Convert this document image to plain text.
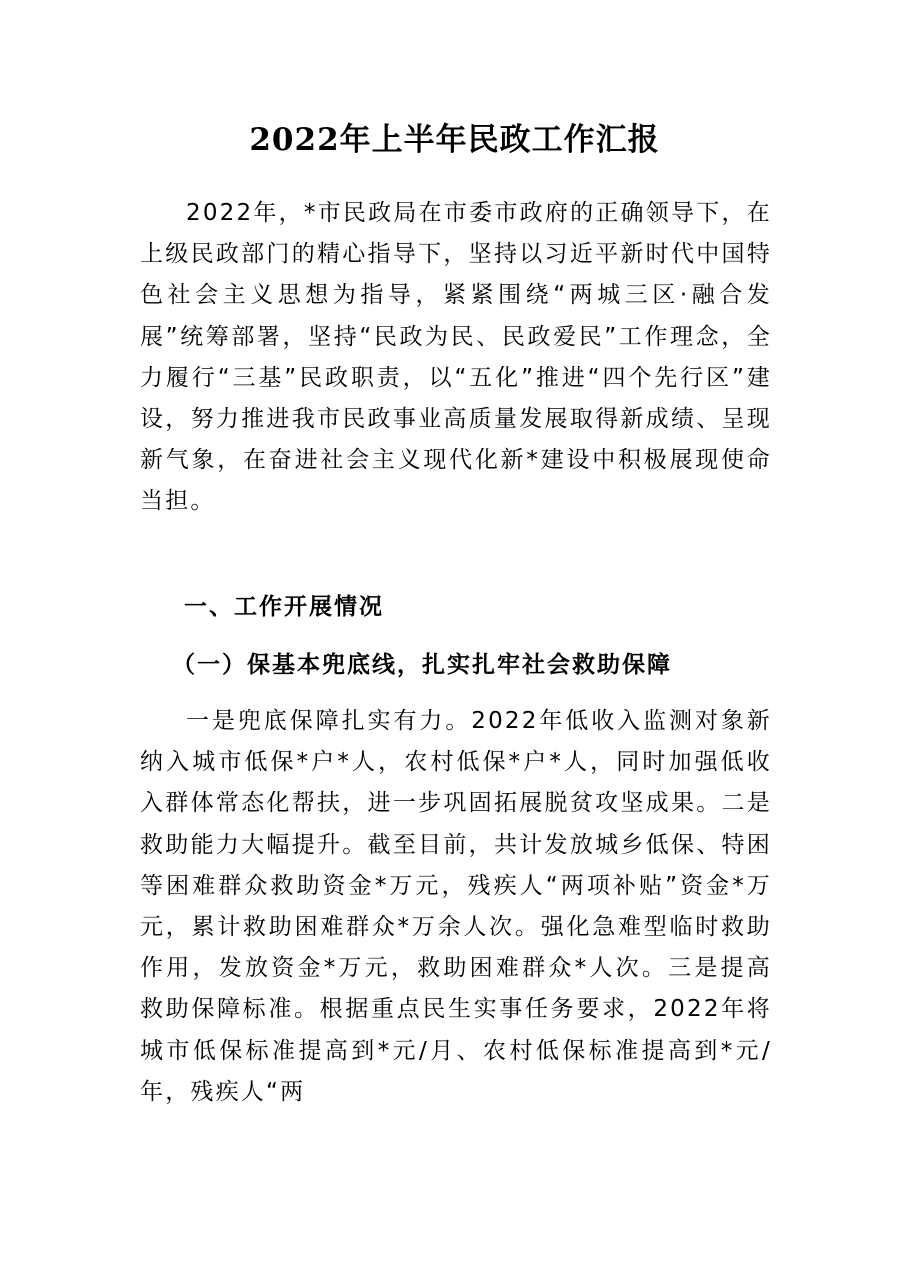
2022年上半年民政工作汇报

2022年，*市民政局在市委市政府的正确领导下，在上级民政部门的精心指导下，坚持以习近平新时代中国特色社会主义思想为指导，紧紧围绕“两城三区·融合发展”统筹部署，坚持“民政为民、民政爱民”工作理念，全力履行“三基”民政职责，以“五化”推进“四个先行区”建设，努力推进我市民政事业高质量发展取得新成绩、呈现新气象，在奋进社会主义现代化新*建设中积极展现使命当担。

一、工作开展情况
（一）保基本兜底线，扎实扎牢社会救助保障

一是兜底保障扎实有力。2022年低收入监测对象新纳入城市低保*户*人，农村低保*户*人，同时加强低收入群体常态化帮扶，进一步巩固拓展脱贫攻坚成果。二是救助能力大幅提升。截至目前，共计发放城乡低保、特困等困难群众救助资金*万元，残疾人“两项补贴”资金*万元，累计救助困难群众*万余人次。强化急难型临时救助作用，发放资金*万元，救助困难群众*人次。三是提高救助保障标准。根据重点民生实事任务要求，2022年将城市低保标准提高到*元/月、农村低保标准提高到*元/年，残疾人“两
